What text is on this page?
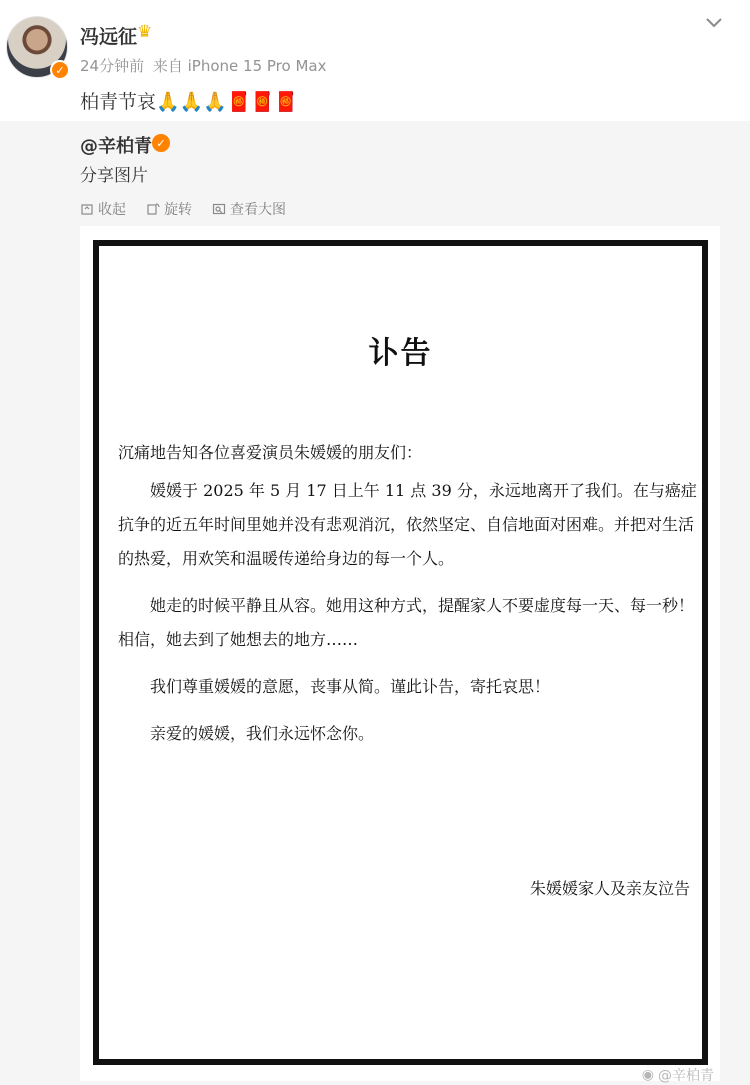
✓
冯远征 ♛
24分钟前 来自 iPhone 15 Pro Max
柏青节哀🙏🙏🙏🧧🧧🧧
@辛柏青 ✓
分享图片
收起	旋转	查看大图
讣告

沉痛地告知各位喜爱演员朱媛媛的朋友们：

媛媛于 2025 年 5 月 17 日上午 11 点 39 分，永远地离开了我们。在与癌症抗争的近五年时间里她并没有悲观消沉，依然坚定、自信地面对困难。并把对生活的热爱，用欢笑和温暖传递给身边的每一个人。

她走的时候平静且从容。她用这种方式，提醒家人不要虚度每一天、每一秒！相信，她去到了她想去的地方……

我们尊重媛媛的意愿，丧事从简。谨此讣告，寄托哀思！

亲爱的媛媛，我们永远怀念你。

朱媛媛家人及亲友泣告
◉ @辛柏青
